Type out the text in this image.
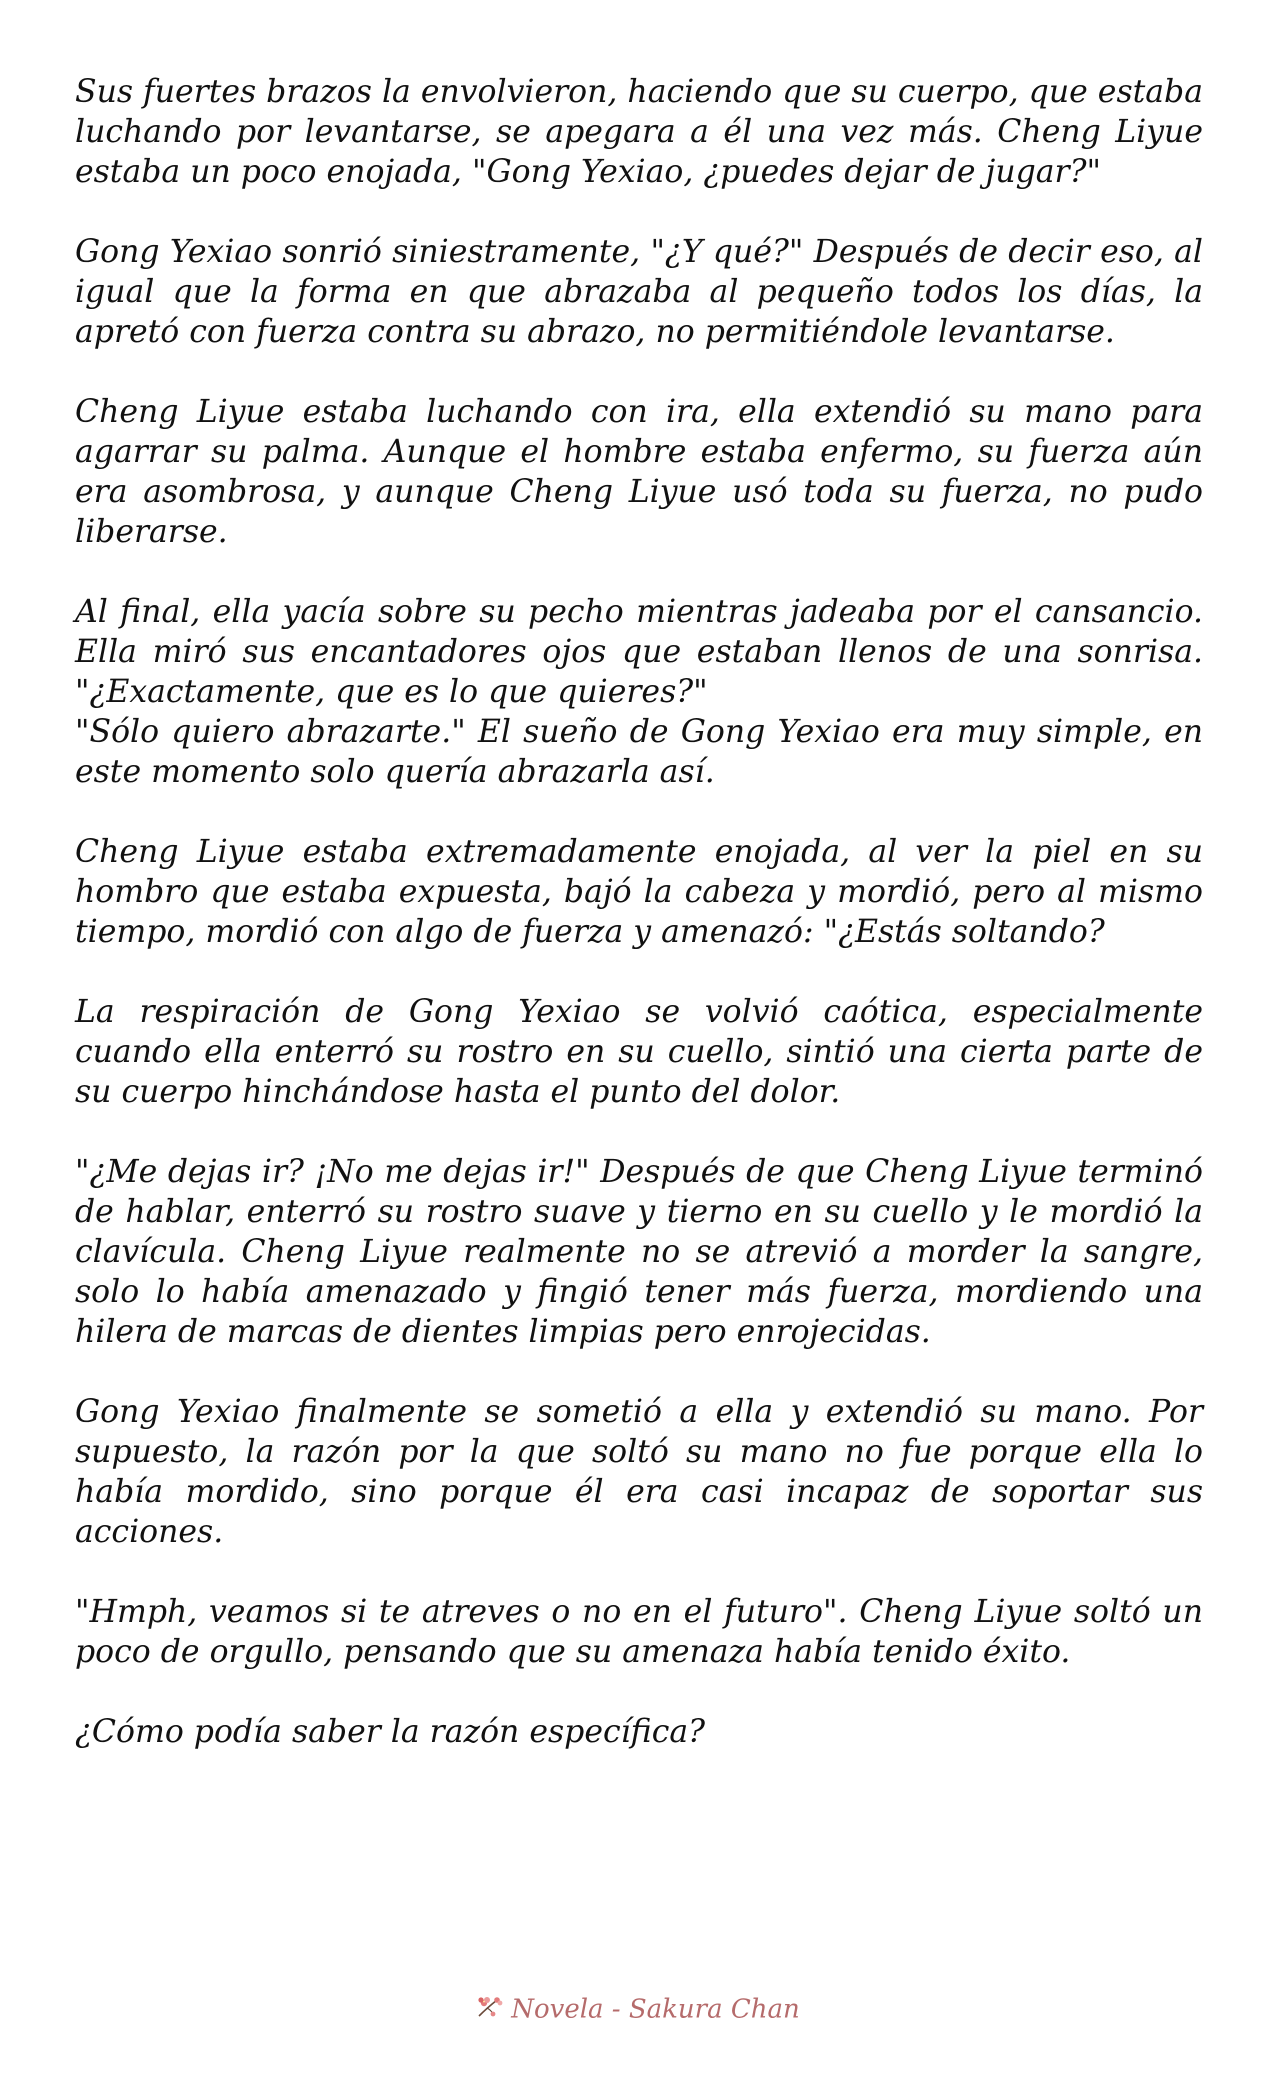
Sus fuertes brazos la envolvieron, haciendo que su cuerpo, que estaba luchando por levantarse, se apegara a él una vez más. Cheng Liyue estaba un poco enojada, "Gong Yexiao, ¿puedes dejar de jugar?"

Gong Yexiao sonrió siniestramente, "¿Y qué?" Después de decir eso, al igual que la forma en que abrazaba al pequeño todos los días, la apretó con fuerza contra su abrazo, no permitiéndole levantarse.

Cheng Liyue estaba luchando con ira, ella extendió su mano para agarrar su palma. Aunque el hombre estaba enfermo, su fuerza aún era asombrosa, y aunque Cheng Liyue usó toda su fuerza, no pudo liberarse.

Al final, ella yacía sobre su pecho mientras jadeaba por el cansancio. Ella miró sus encantadores ojos que estaban llenos de una sonrisa. "¿Exactamente, que es lo que quieres?"

"Sólo quiero abrazarte." El sueño de Gong Yexiao era muy simple, en este momento solo quería abrazarla así.

Cheng Liyue estaba extremadamente enojada, al ver la piel en su hombro que estaba expuesta, bajó la cabeza y mordió, pero al mismo tiempo, mordió con algo de fuerza y amenazó: "¿Estás soltando?

La respiración de Gong Yexiao se volvió caótica, especialmente cuando ella enterró su rostro en su cuello, sintió una cierta parte de su cuerpo hinchándose hasta el punto del dolor.

"¿Me dejas ir? ¡No me dejas ir!" Después de que Cheng Liyue terminó de hablar, enterró su rostro suave y tierno en su cuello y le mordió la clavícula. Cheng Liyue realmente no se atrevió a morder la sangre, solo lo había amenazado y fingió tener más fuerza, mordiendo una hilera de marcas de dientes limpias pero enrojecidas.

Gong Yexiao finalmente se sometió a ella y extendió su mano. Por supuesto, la razón por la que soltó su mano no fue porque ella lo había mordido, sino porque él era casi incapaz de soportar sus acciones.

"Hmph, veamos si te atreves o no en el futuro". Cheng Liyue soltó un poco de orgullo, pensando que su amenaza había tenido éxito.

¿Cómo podía saber la razón específica?

Novela - Sakura Chan
